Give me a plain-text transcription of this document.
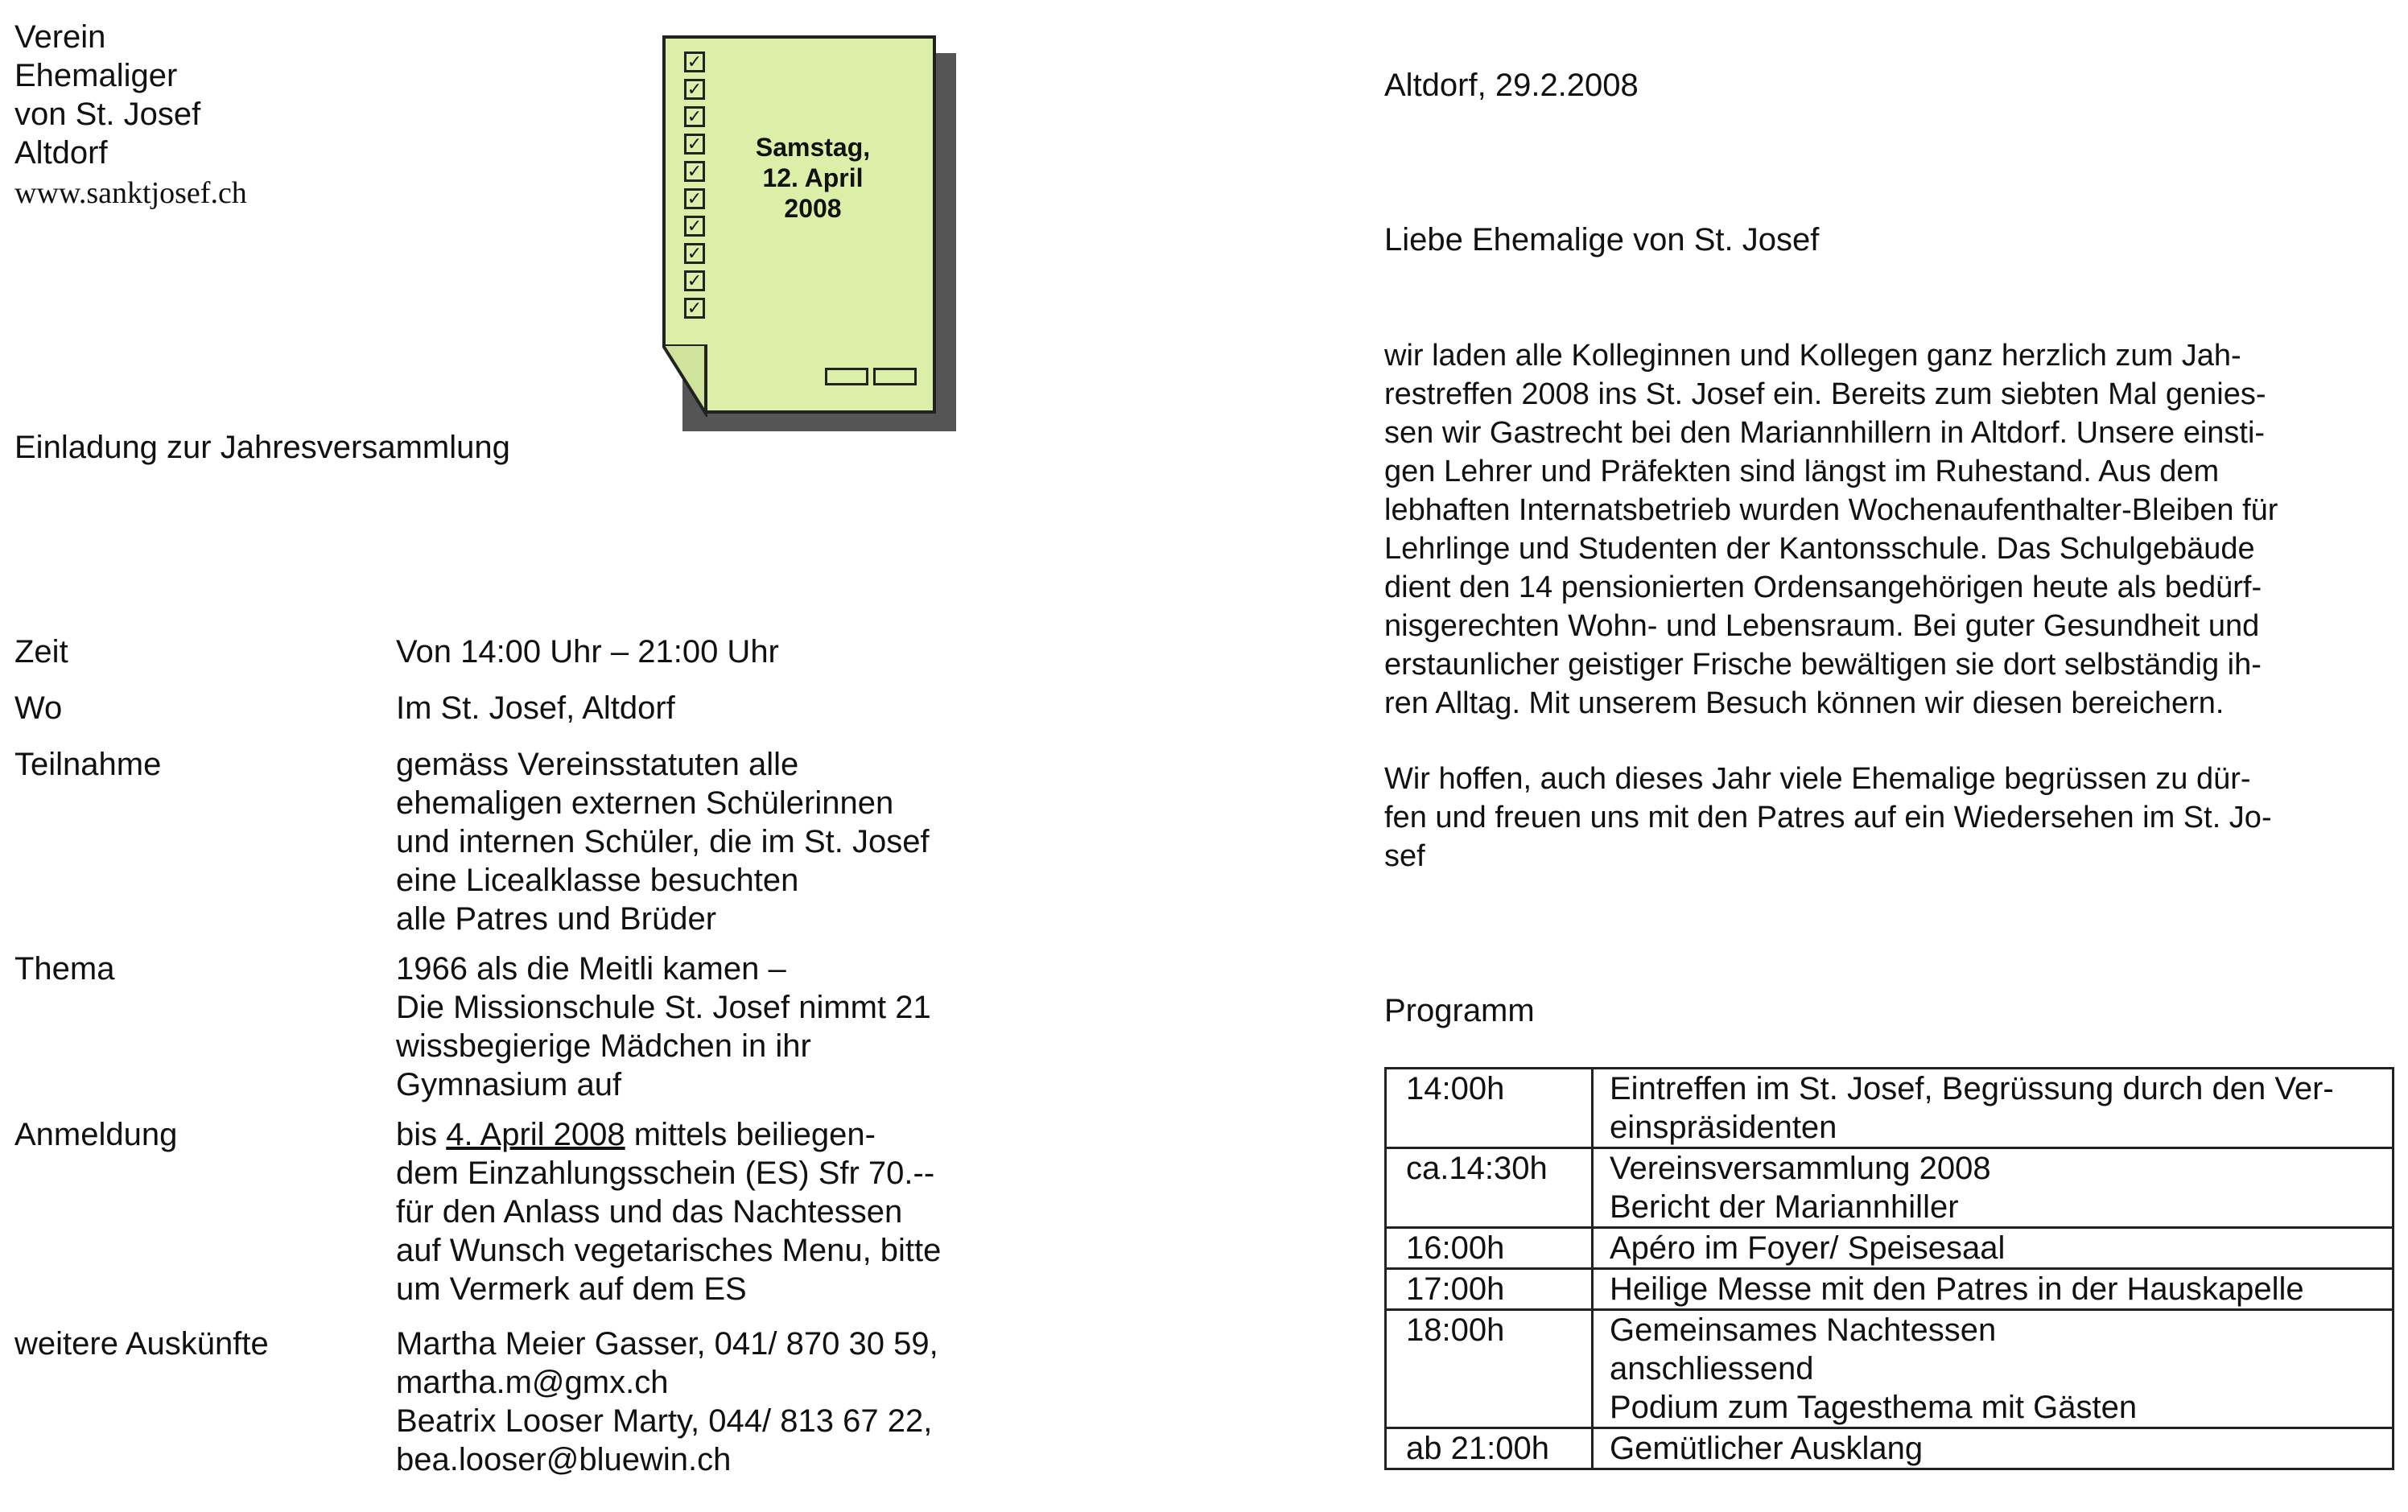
Verein
Ehemaliger
von St. Josef
Altdorf
www.sanktjosef.ch
✓
✓
✓
✓
✓
✓
✓
✓
✓
✓
Samstag,
12. April
2008
Einladung zur Jahresversammlung
Zeit	Von 14:00 Uhr – 21:00 Uhr
Wo	Im St. Josef, Altdorf
Teilnahme	gemäss Vereinsstatuten alle
ehemaligen externen Schülerinnen
und internen Schüler, die im St. Josef
eine Licealklasse besuchten
alle Patres und Brüder
Thema	1966 als die Meitli kamen –
Die Missionschule St. Josef nimmt 21
wissbegierige Mädchen in ihr
Gymnasium auf
Anmeldung	bis 4. April 2008 mittels beiliegen-
dem Einzahlungsschein (ES) Sfr 70.--
für den Anlass und das Nachtessen
auf Wunsch vegetarisches Menu, bitte
um Vermerk auf dem ES
weitere Auskünfte	Martha Meier Gasser, 041/ 870 30 59,
martha.m@gmx.ch
Beatrix Looser Marty, 044/ 813 67 22,
bea.looser@bluewin.ch
Altdorf, 29.2.2008
Liebe Ehemalige von St. Josef
wir laden alle Kolleginnen und Kollegen ganz herzlich zum Jah-
restreffen 2008 ins St. Josef ein. Bereits zum siebten Mal genies-
sen wir Gastrecht bei den Mariannhillern in Altdorf. Unsere einsti-
gen Lehrer und Präfekten sind längst im Ruhestand. Aus dem
lebhaften Internatsbetrieb wurden Wochenaufenthalter-Bleiben für
Lehrlinge und Studenten der Kantonsschule. Das Schulgebäude
dient den 14 pensionierten Ordensangehörigen heute als bedürf-
nisgerechten Wohn- und Lebensraum. Bei guter Gesundheit und
erstaunlicher geistiger Frische bewältigen sie dort selbständig ih-
ren Alltag. Mit unserem Besuch können wir diesen bereichern.
Wir hoffen, auch dieses Jahr viele Ehemalige begrüssen zu dür-
fen und freuen uns mit den Patres auf ein Wiedersehen im St. Jo-
sef
Programm
14:00h	Eintreffen im St. Josef, Begrüssung durch den Ver-
einspräsidenten
ca.14:30h	Vereinsversammlung 2008
Bericht der Mariannhiller
16:00h	Apéro im Foyer/ Speisesaal
17:00h	Heilige Messe mit den Patres in der Hauskapelle
18:00h	Gemeinsames Nachtessen
anschliessend
Podium zum Tagesthema mit Gästen
ab 21:00h	Gemütlicher Ausklang
